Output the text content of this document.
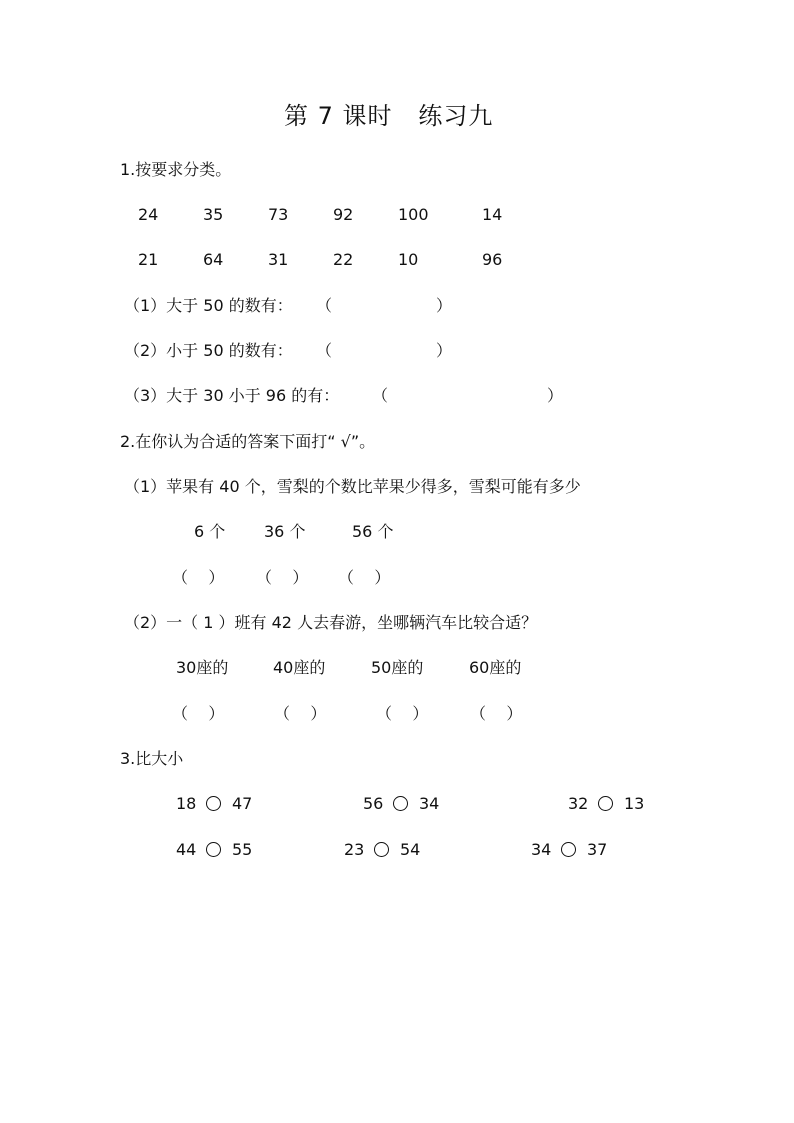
第 7 课时   练习九
1.按要求分类。
24	35	73	92	100	14
21	64	31	22	10	96
（1）大于 50 的数有： （	）
（2）小于 50 的数有： （	）
（3）大于 30 小于 96 的有： （	）
2.在你认为合适的答案下面打“ √”。
（1）苹果有 40 个，雪梨的个数比苹果少得多，雪梨可能有多少
6 个 36 个	56 个
（    ） （    ） （    ）
（2）一（ 1 ）班有 42 人去春游，坐哪辆汽车比较合适？
30座的	40座的	50座的	60座的
（    ）	（    ）	（    ）	（    ）
3.比大小
18 47	56 34	32 13
44 55	23 54	34 37
